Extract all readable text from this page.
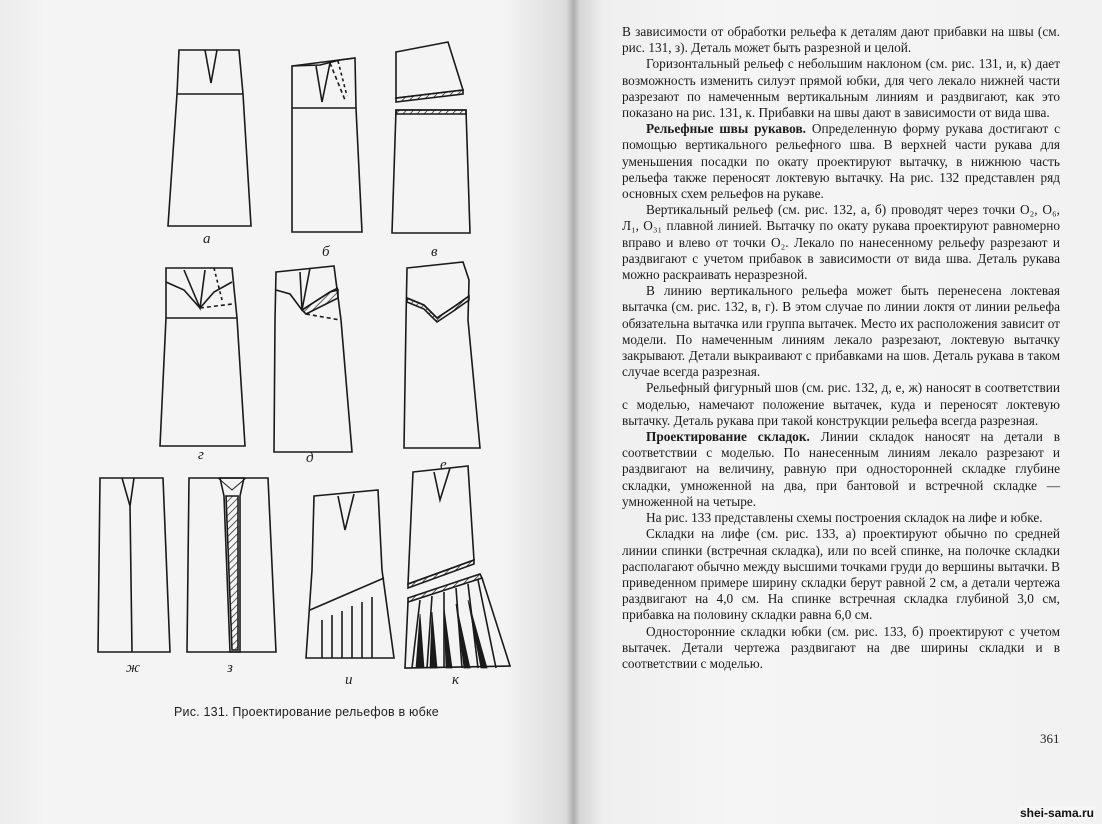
а
б	в
г	д	е
ж	з
и	к
Рис. 131. Проектирование рельефов в юбке

В зависимости от обработки рельефа к деталям дают прибавки на швы (см. рис. 131, з). Деталь может быть разрезной и целой.

Горизонтальный рельеф с небольшим наклоном (см. рис. 131, и, к) дает возможность изменить силуэт прямой юбки, для чего лекало нижней части разрезают по намеченным вертикальным линиям и раздвигают, как это показано на рис. 131, к. Прибавки на швы дают в зависимости от вида шва.

Рельефные швы рукавов. Определенную форму рукава достигают с помощью вертикального рельефного шва. В верхней части рукава для уменьшения посадки по окату проектируют вытачку, в нижнюю часть рельефа также переносят локтевую вытачку. На рис. 132 представлен ряд основных схем рельефов на рукаве.

Вертикальный рельеф (см. рис. 132, а, б) проводят через точки О₂, О₆, Л₁, О₃₁ плавной линией. Вытачку по окату рукава проектируют равномерно вправо и влево от точки О₂. Лекало по нанесенному рельефу разрезают и раздвигают с учетом прибавок в зависимости от вида шва. Деталь рукава можно раскраивать неразрезной.

В линию вертикального рельефа может быть перенесена локтевая вытачка (см. рис. 132, в, г). В этом случае по линии локтя от линии рельефа обязательна вытачка или группа вытачек. Место их расположения зависит от модели. По намеченным линиям лекало разрезают, локтевую вытачку закрывают. Детали выкраивают с прибавками на шов. Деталь рукава в таком случае всегда разрезная.

Рельефный фигурный шов (см. рис. 132, д, е, ж) наносят в соответствии с моделью, намечают положение вытачек, куда и переносят локтевую вытачку. Деталь рукава при такой конструкции рельефа всегда разрезная.

Проектирование складок. Линии складок наносят на детали в соответствии с моделью. По нанесенным линиям лекало разрезают и раздвигают на величину, равную при односторонней складке глубине складки, умноженной на два, при бантовой и встречной складке — умноженной на четыре.

На рис. 133 представлены схемы построения складок на лифе и юбке.

Складки на лифе (см. рис. 133, а) проектируют обычно по средней линии спинки (встречная складка), или по всей спинке, на полочке складки располагают обычно между высшими точками груди до вершины вытачки. В приведенном примере ширину складки берут равной 2 см, а детали чертежа раздвигают на 4,0 см. На спинке встречная складка глубиной 3,0 см, прибавка на половину складки равна 6,0 см.

Односторонние складки юбки (см. рис. 133, б) проектируют с учетом вытачек. Детали чертежа раздвигают на две ширины складки и в соответствии с моделью.

361
shei-sama.ru
